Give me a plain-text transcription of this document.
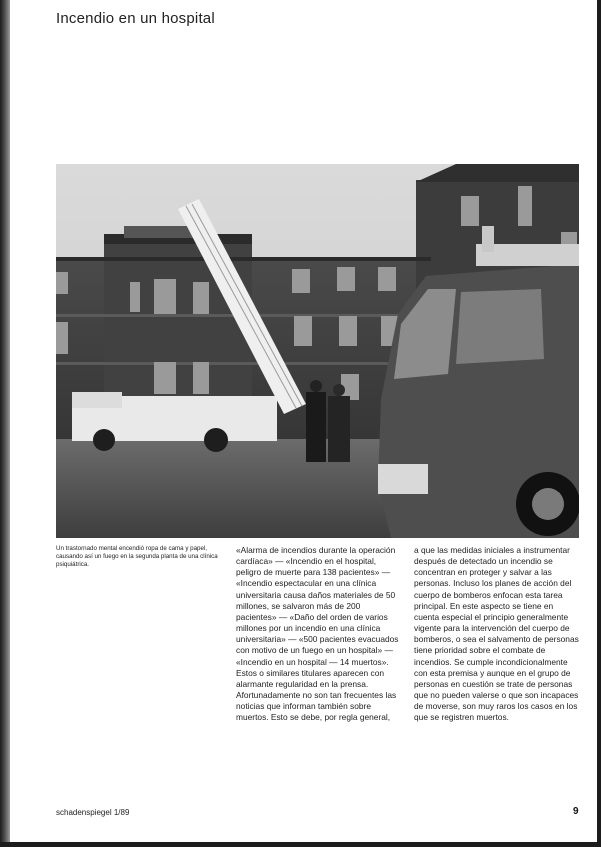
Incendio en un hospital
Un trastornado mental encendió ropa de cama y papel, causando así un fuego en la segunda planta de una clínica psiquiátrica.

«Alarma de incendios durante la operación cardíaca» — «Incendio en el hospital, peligro de muerte para 138 pacientes» — «Incendio espectacular en una clínica universitaria causa daños materiales de 50 millones, se salvaron más de 200 pacientes» — «Daño del orden de varios millones por un incendio en una clínica universitaria» — «500 pacientes evacuados con motivo de un fuego en un hospital» — «Incendio en un hospital — 14 muertos».

Estos o similares titulares aparecen con alarmante regularidad en la prensa. Afortunadamente no son tan frecuentes las noticias que informan también sobre muertos. Esto se debe, por regla general,

a que las medidas iniciales a instrumentar después de detectado un incendio se concentran en proteger y salvar a las personas. Incluso los planes de acción del cuerpo de bomberos enfocan esta tarea principal. En este aspecto se tiene en cuenta especial el principio generalmente vigente para la intervención del cuerpo de bomberos, o sea el salvamento de personas tiene prioridad sobre el combate de incendios. Se cumple incondicionalmente con esta premisa y aunque en el grupo de personas en cuestión se trate de personas que no pueden valerse o que son incapaces de moverse, son muy raros los casos en los que se registren muertos.

schadenspiegel 1/89	9
